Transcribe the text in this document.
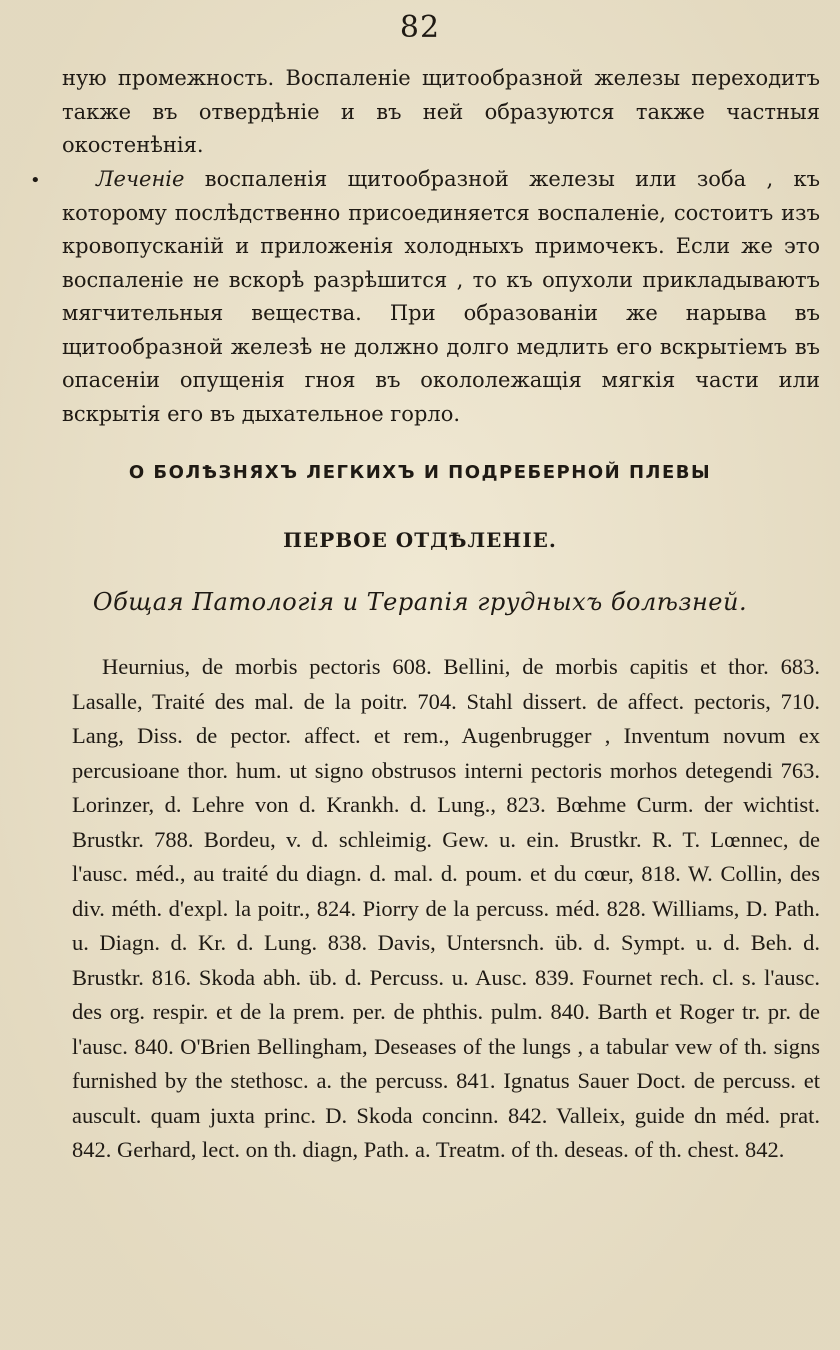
82
ную промежность. Воспаленіе щитообразной железы переходитъ также въ отвердѣніе и въ ней образуются также частныя окостенѣнія.
•	Леченіе воспаленія щитообразной железы или зоба , къ которому послѣдственно присоединяется воспаленіе, состоитъ изъ кровопусканій и приложенія холодныхъ примочекъ. Если же это воспаленіе не вскорѣ разрѣшится , то къ опухоли прикладываютъ мягчительныя вещества. При образованіи же нарыва въ щитообразной железѣ не должно долго медлить его вскрытіемъ въ опасеніи опущенія гноя въ окололежащія мягкія части или вскрытія его въ дыхательное горло.
О БОЛѢЗНЯХЪ ЛЕГКИХЪ И ПОДРЕБЕРНОЙ ПЛЕВЫ
ПЕРВОЕ ОТДѢЛЕНІЕ.
Общая Патологія и Терапія грудныхъ болѣзней.
Heurnius, de morbis pectoris 608. Bellini, de morbis capitis et thor. 683. Lasalle, Traité des mal. de la poitr. 704. Stahl dissert. de affect. pectoris, 710. Lang, Diss. de pector. affect. et rem., Augenbrugger , Inventum novum ex percusioane thor. hum. ut signo obstrusos interni pectoris morhos detegendi 763. Lorinzer, d. Lehre von d. Krankh. d. Lung., 823. Bœhme Curm. der wichtist. Brustkr. 788. Bordeu, v. d. schleimig. Gew. u. ein. Brustkr. R. T. Lœnnec, de l'ausc. méd., au traité du diagn. d. mal. d. poum. et du cœur, 818. W. Collin, des div. méth. d'expl. la poitr., 824. Piorry de la percuss. méd. 828. Williams, D. Path. u. Diagn. d. Kr. d. Lung. 838. Davis, Untersnch. üb. d. Sympt. u. d. Beh. d. Brustkr. 816. Skoda abh. üb. d. Percuss. u. Ausc. 839. Fournet rech. cl. s. l'ausc. des org. respir. et de la prem. per. de phthis. pulm. 840. Barth et Roger tr. pr. de l'ausc. 840. O'Brien Bellingham, Deseases of the lungs , a tabular vew of th. signs furnished by the stethosc. a. the percuss. 841. Ignatus Sauer Doct. de percuss. et auscult. quam juxta princ. D. Skoda concinn. 842. Valleix, guide dn méd. prat. 842. Gerhard, lect. on th. diagn, Path. a. Treatm. of th. deseas. of th. chest. 842.
